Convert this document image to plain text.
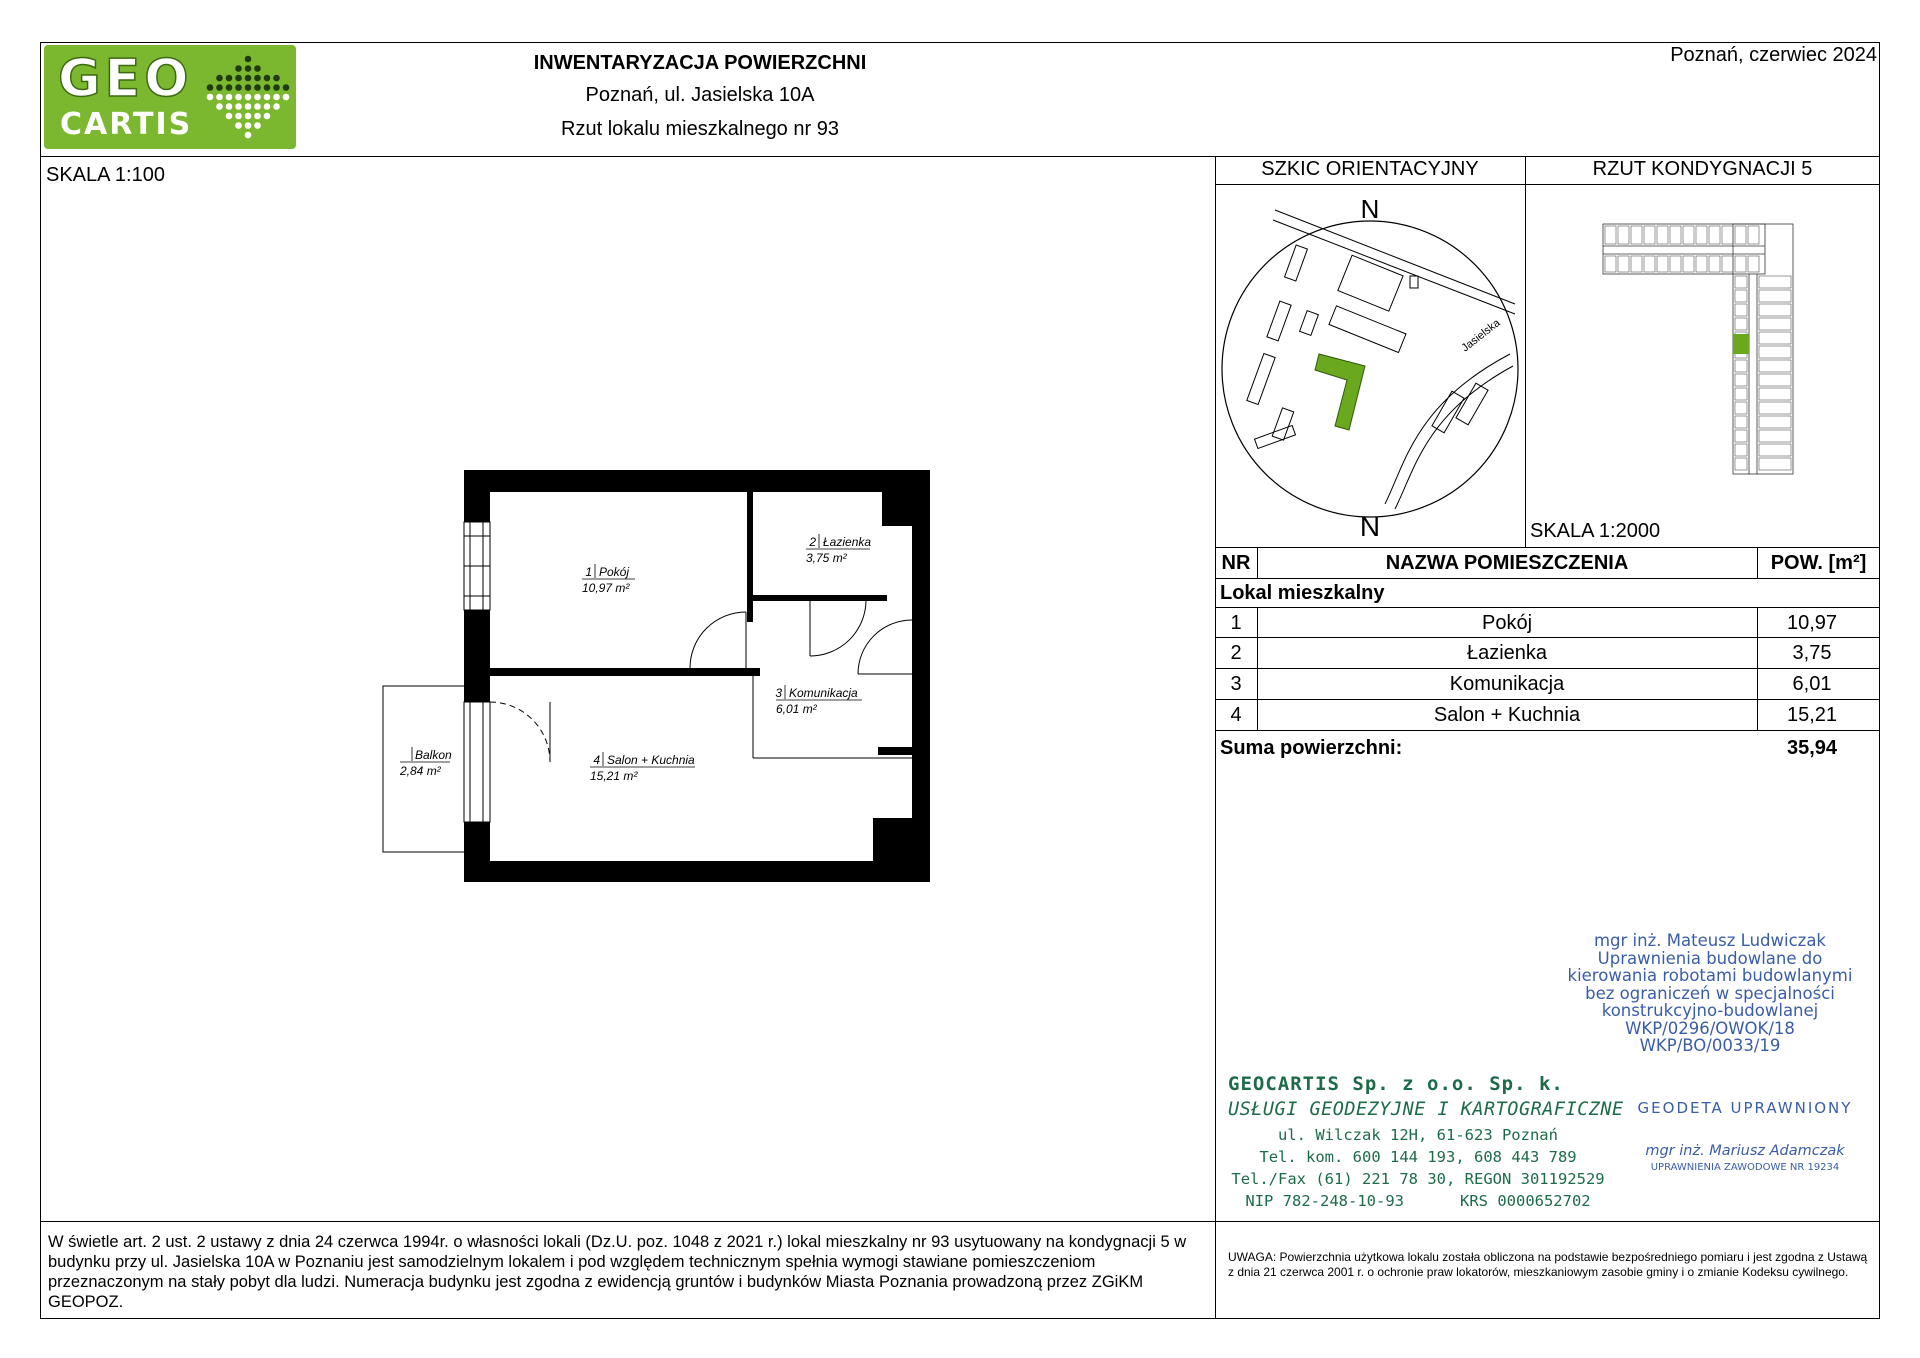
GEO
CARTIS
INWENTARYZACJA POWIERZCHNI
Poznań, ul. Jasielska 10A
Rzut lokalu mieszkalnego nr 93
Poznań, czerwiec 2024
SKALA 1:100
1 Pokój
10,97 m²
2 Łazienka
3,75 m²
3 Komunikacja
6,01 m²
4 Salon + Kuchnia
15,21 m²
Balkon
2,84 m²
SZKIC ORIENTACYJNY	RZUT KONDYGNACJI 5
N
N
Jasielska
SKALA 1:2000
NR	NAZWA POMIESZCZENIA	POW. [m²]
Lokal mieszkalny
1	Pokój	10,97
2	Łazienka	3,75
3	Komunikacja	6,01
4	Salon + Kuchnia	15,21
Suma powierzchni:	35,94
mgr inż. Mateusz Ludwiczak
Uprawnienia budowlane do
kierowania robotami budowlanymi
bez ograniczeń w specjalności
konstrukcyjno-budowlanej
WKP/0296/OWOK/18
WKP/BO/0033/19
GEOCARTIS Sp. z o.o. Sp. k.
USŁUGI GEODEZYJNE I KARTOGRAFICZNE
ul. Wilczak 12H, 61-623 Poznań
Tel. kom. 600 144 193, 608 443 789
Tel./Fax (61) 221 78 30, REGON 301192529
NIP 782-248-10-93      KRS 0000652702
GEODETA UPRAWNIONY
mgr inż. Mariusz Adamczak
UPRAWNIENIA ZAWODOWE NR 19234
W świetle art. 2 ust. 2 ustawy z dnia 24 czerwca 1994r. o własności lokali (Dz.U. poz. 1048 z 2021 r.) lokal mieszkalny nr 93 usytuowany na kondygnacji 5 w budynku przy ul. Jasielska 10A w Poznaniu jest samodzielnym lokalem i pod względem technicznym spełnia wymogi stawiane pomieszczeniom przeznaczonym na stały pobyt dla ludzi. Numeracja budynku jest zgodna z ewidencją gruntów i budynków Miasta Poznania prowadzoną przez ZGiKM GEOPOZ.
UWAGA: Powierzchnia użytkowa lokalu została obliczona na podstawie bezpośredniego pomiaru i jest zgodna z Ustawą z dnia 21 czerwca 2001 r. o ochronie praw lokatorów, mieszkaniowym zasobie gminy i o zmianie Kodeksu cywilnego.
